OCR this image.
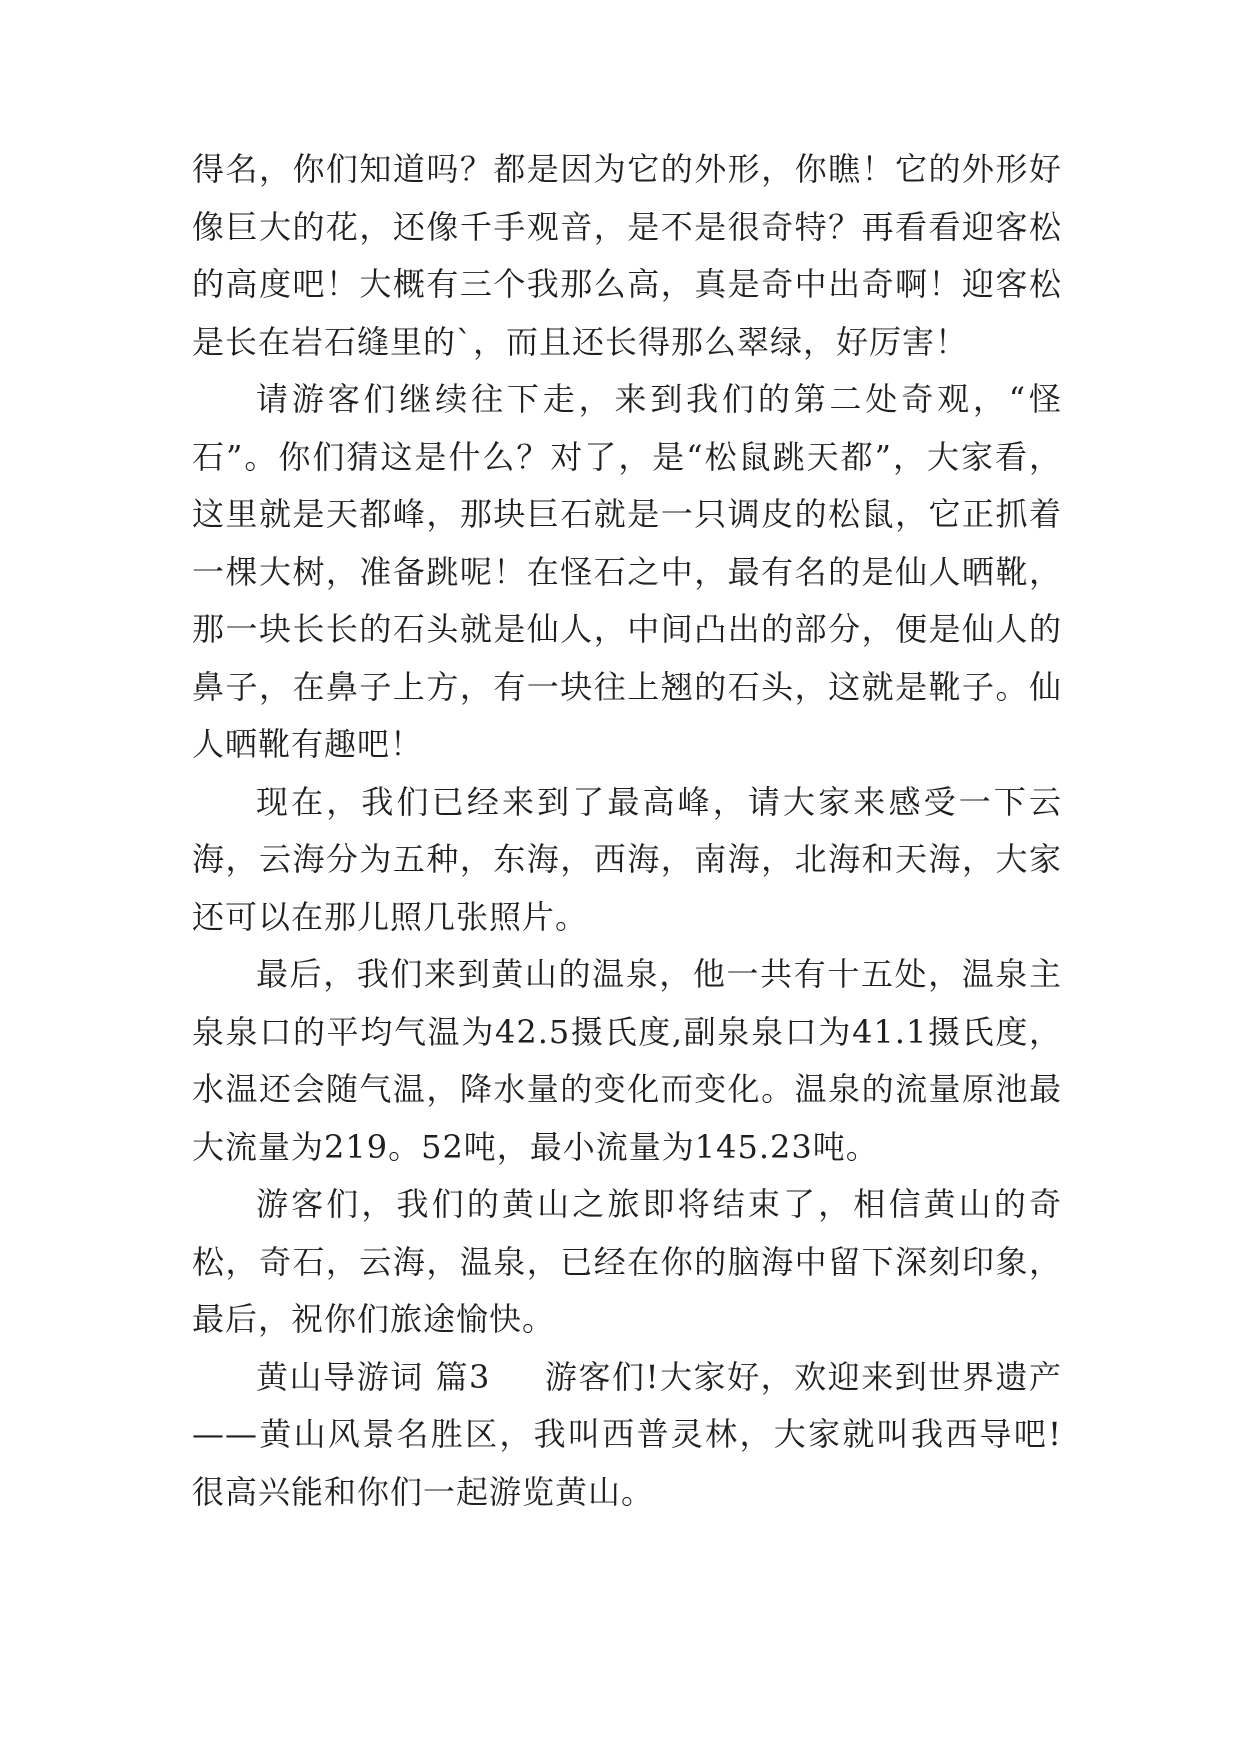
得名，你们知道吗？都是因为它的外形，你瞧！它的外形好像巨大的花，还像千手观音，是不是很奇特？再看看迎客松的高度吧！大概有三个我那么高，真是奇中出奇啊！迎客松是长在岩石缝里的`，而且还长得那么翠绿，好厉害！

请游客们继续往下走，来到我们的第二处奇观，“怪石”。你们猜这是什么？对了，是“松鼠跳天都”，大家看，这里就是天都峰，那块巨石就是一只调皮的松鼠，它正抓着一棵大树，准备跳呢！在怪石之中，最有名的是仙人晒靴，那一块长长的石头就是仙人，中间凸出的部分，便是仙人的鼻子，在鼻子上方，有一块往上翘的石头，这就是靴子。仙人晒靴有趣吧！

现在，我们已经来到了最高峰，请大家来感受一下云海，云海分为五种，东海，西海，南海，北海和天海，大家还可以在那儿照几张照片。

最后，我们来到黄山的温泉，他一共有十五处，温泉主泉泉口的平均气温为42.5摄氏度,副泉泉口为41.1摄氏度，水温还会随气温，降水量的变化而变化。温泉的流量原池最大流量为219。52吨，最小流量为145.23吨。

游客们，我们的黄山之旅即将结束了，相信黄山的奇松，奇石，云海，温泉，已经在你的脑海中留下深刻印象，最后，祝你们旅途愉快。

黄山导游词 篇3 游客们!大家好，欢迎来到世界遗产——黄山风景名胜区，我叫西普灵林，大家就叫我西导吧!很高兴能和你们一起游览黄山。
